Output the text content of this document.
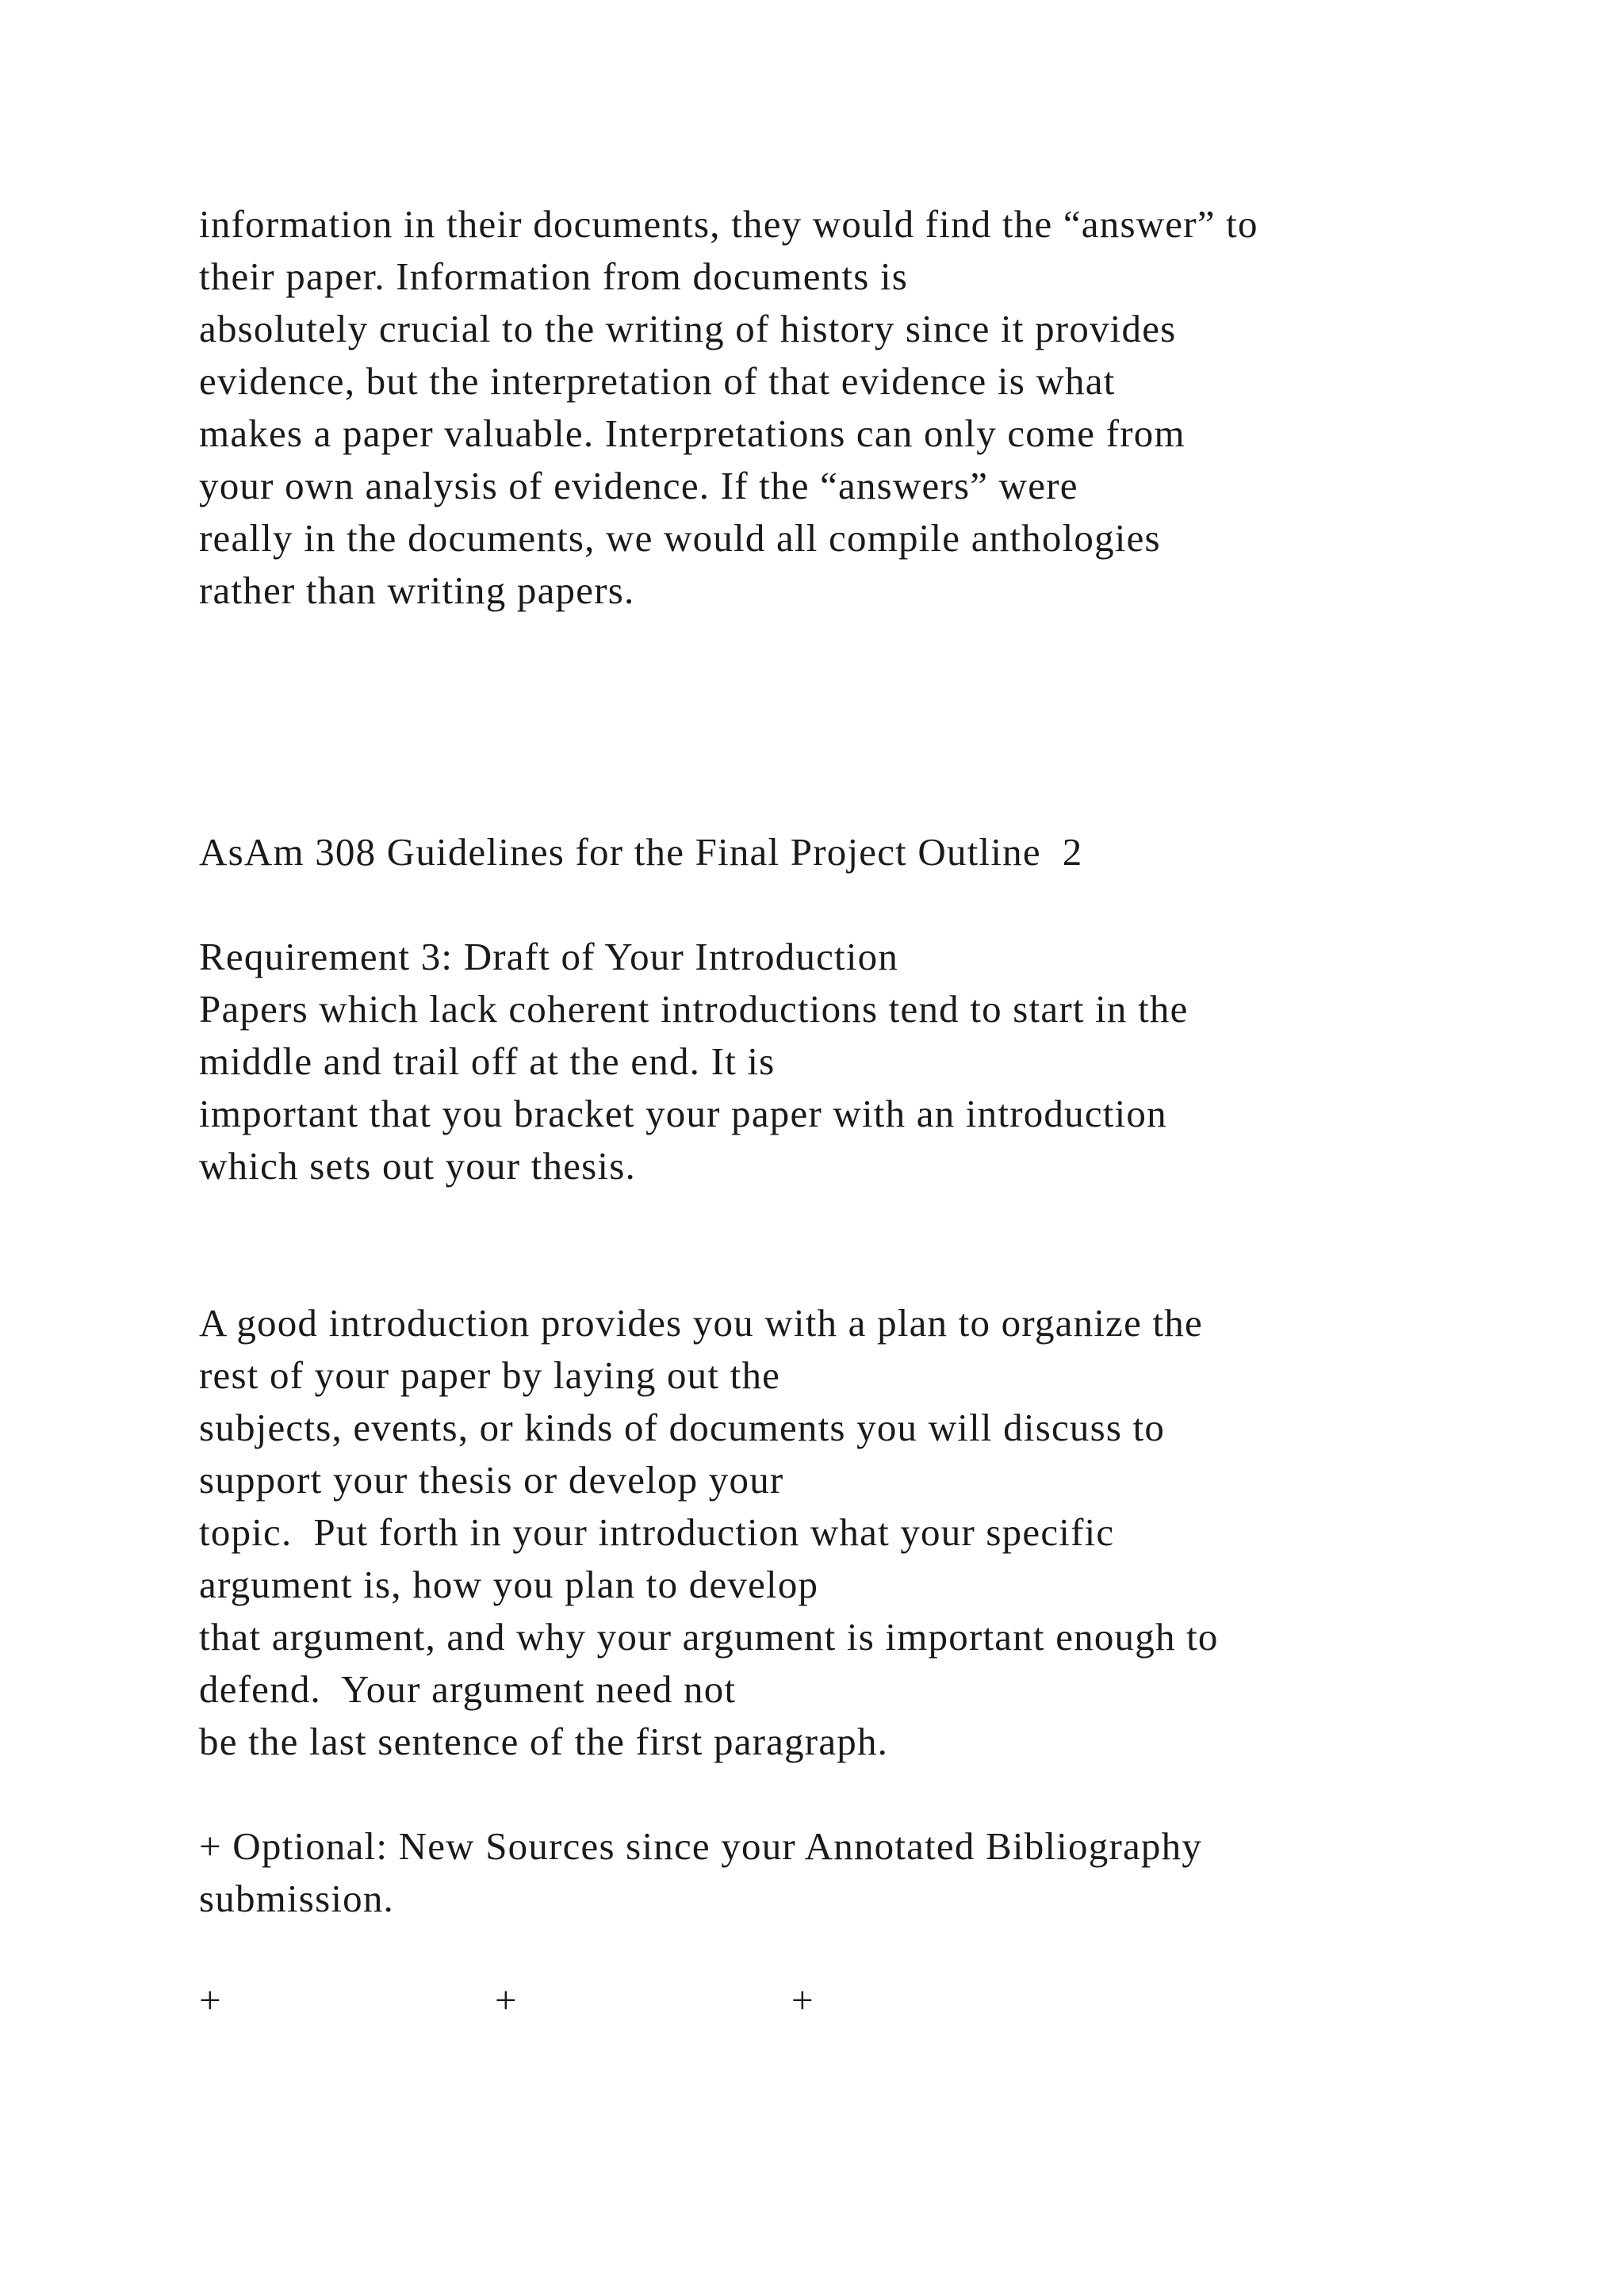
information in their documents, they would find the “answer” to
their paper. Information from documents is
absolutely crucial to the writing of history since it provides
evidence, but the interpretation of that evidence is what
makes a paper valuable. Interpretations can only come from
your own analysis of evidence. If the “answers” were
really in the documents, we would all compile anthologies
rather than writing papers.
AsAm 308 Guidelines for the Final Project Outline  2
Requirement 3: Draft of Your Introduction
Papers which lack coherent introductions tend to start in the
middle and trail off at the end. It is
important that you bracket your paper with an introduction
which sets out your thesis.
A good introduction provides you with a plan to organize the
rest of your paper by laying out the
subjects, events, or kinds of documents you will discuss to
support your thesis or develop your
topic.  Put forth in your introduction what your specific
argument is, how you plan to develop
that argument, and why your argument is important enough to
defend.  Your argument need not
be the last sentence of the first paragraph.
+ Optional: New Sources since your Annotated Bibliography
submission.
+	+	+
